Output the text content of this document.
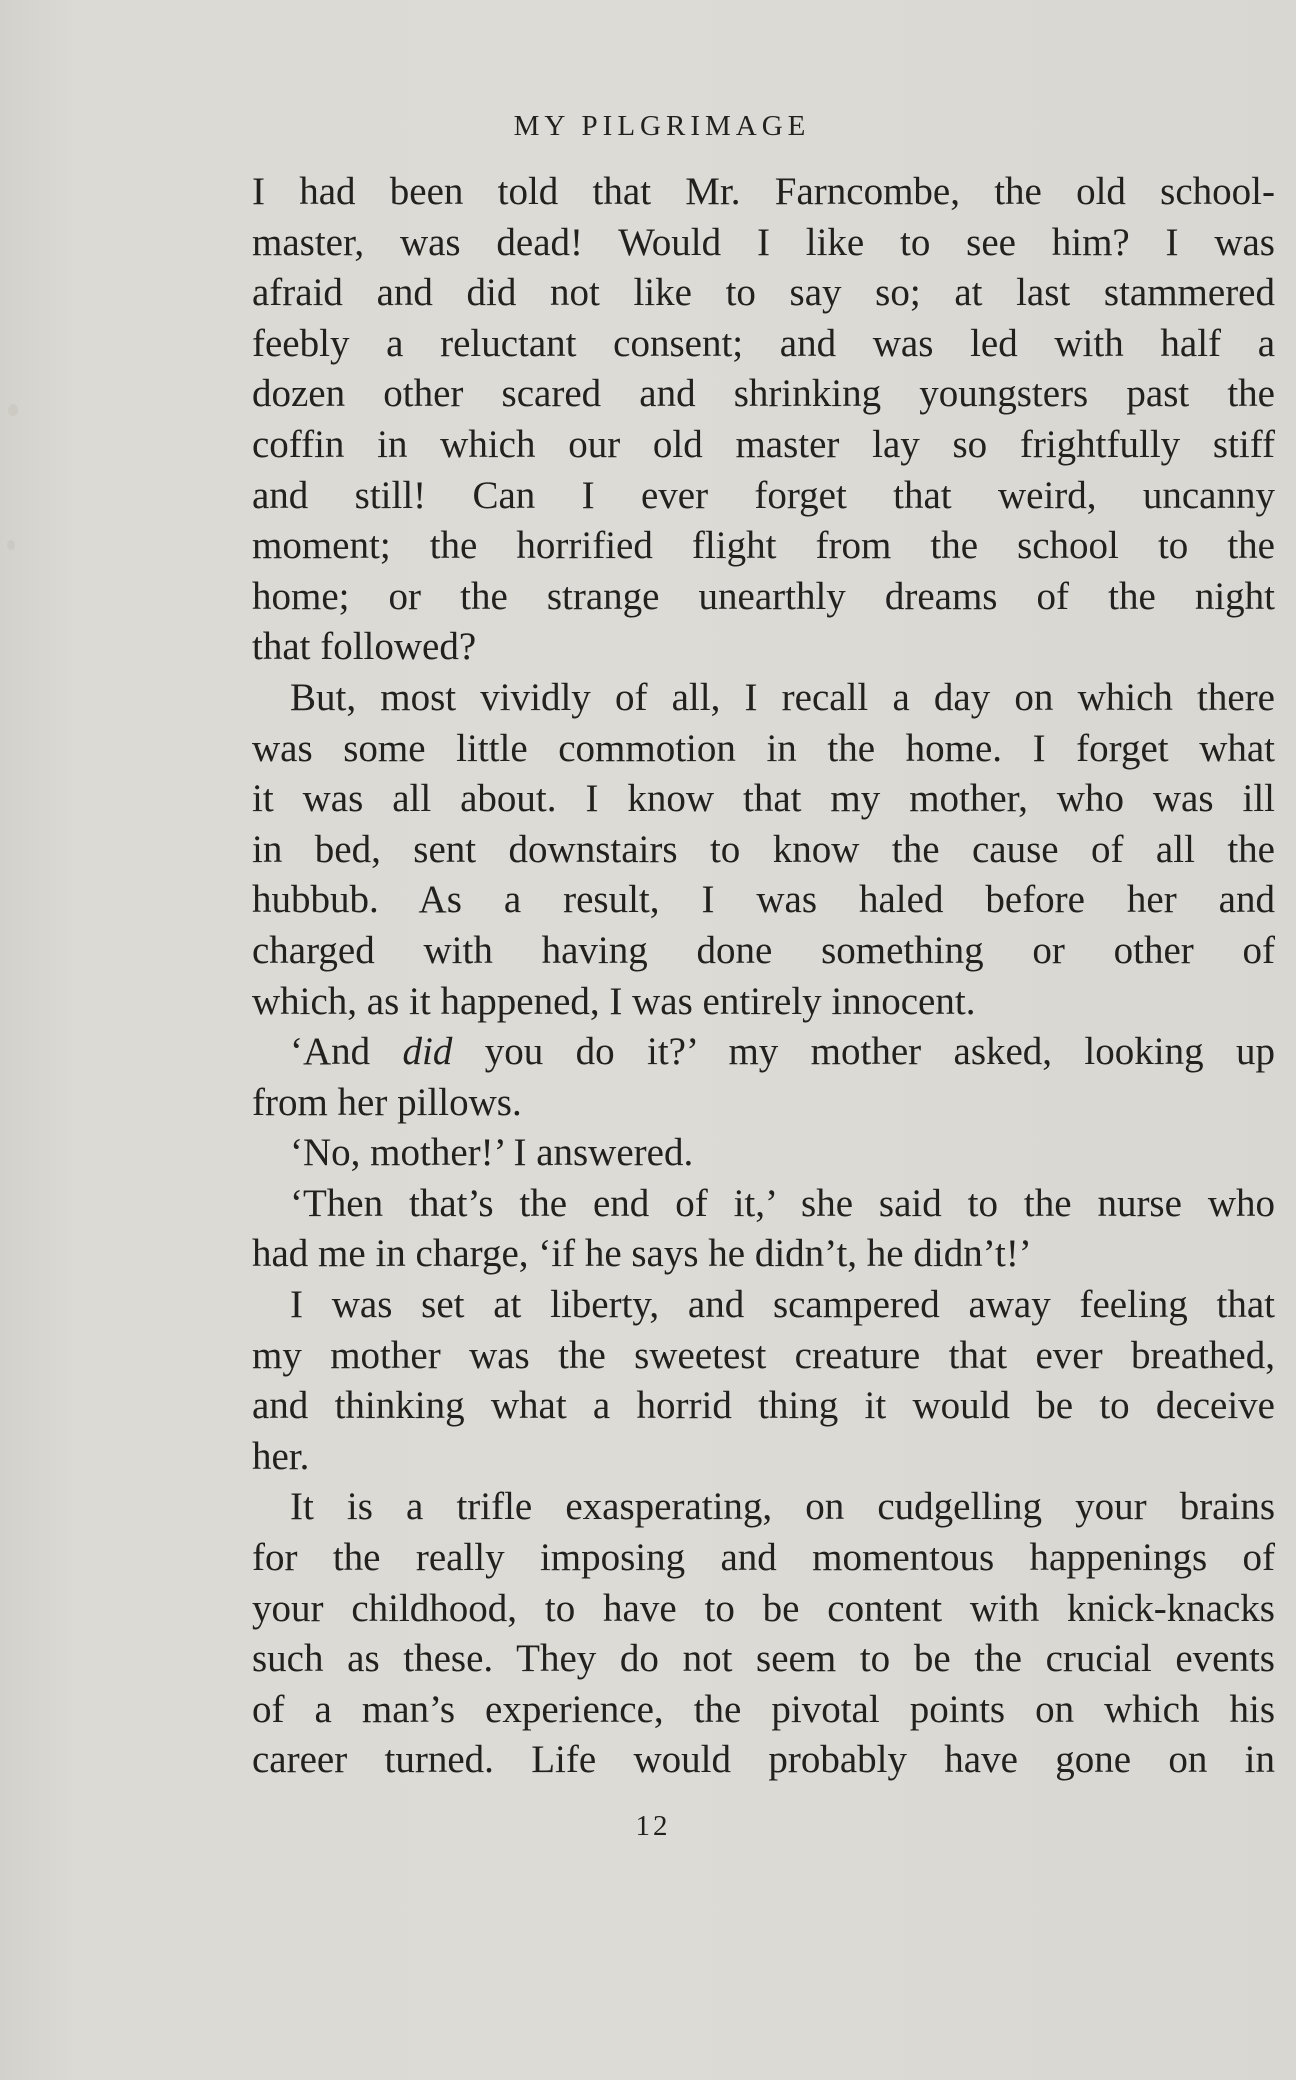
MY PILGRIMAGE

I had been told that Mr. Farncombe, the old school-

master, was dead! Would I like to see him? I was

afraid and did not like to say so; at last stammered

feebly a reluctant consent; and was led with half a

dozen other scared and shrinking youngsters past the

coffin in which our old master lay so frightfully stiff

and still! Can I ever forget that weird, uncanny

moment; the horrified flight from the school to the

home; or the strange unearthly dreams of the night

that followed?

But, most vividly of all, I recall a day on which there

was some little commotion in the home. I forget what

it was all about. I know that my mother, who was ill

in bed, sent downstairs to know the cause of all the

hubbub. As a result, I was haled before her and

charged with having done something or other of

which, as it happened, I was entirely innocent.

‘And did you do it?’ my mother asked, looking up

from her pillows.

‘No, mother!’ I answered.

‘Then that’s the end of it,’ she said to the nurse who

had me in charge, ‘if he says he didn’t, he didn’t!’

I was set at liberty, and scampered away feeling that

my mother was the sweetest creature that ever breathed,

and thinking what a horrid thing it would be to deceive

her.

It is a trifle exasperating, on cudgelling your brains

for the really imposing and momentous happenings of

your childhood, to have to be content with knick-knacks

such as these. They do not seem to be the crucial events

of a man’s experience, the pivotal points on which his

career turned. Life would probably have gone on in

12
